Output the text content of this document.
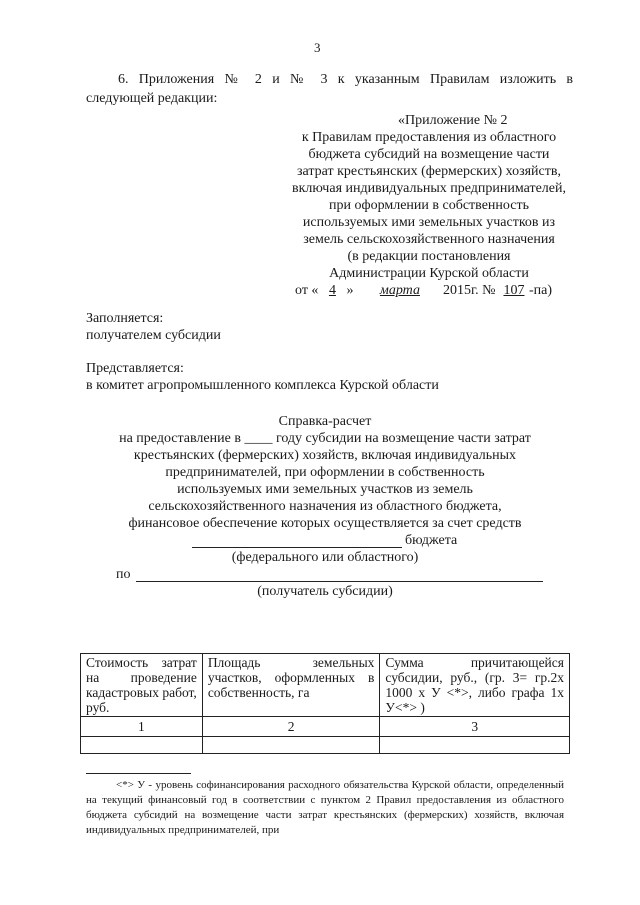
3
6. Приложения № 2 и № 3 к указанным Правилам изложить в
следующей редакции:
«Приложение № 2
к Правилам предоставления из областного
бюджета субсидий на возмещение части
затрат крестьянских (фермерских) хозяйств,
включая индивидуальных предпринимателей,
при оформлении в собственность
используемых ими земельных участков из
земель сельскохозяйственного назначения
(в редакции постановления
Администрации Курской области
от « 4 » марта 2015г. № 107 -па)
Заполняется:
получателем субсидии
Представляется:
в комитет агропромышленного комплекса Курской области
Справка-расчет
на предоставление в ____ году субсидии на возмещение части затрат
крестьянских (фермерских) хозяйств, включая индивидуальных
предпринимателей, при оформлении в собственность
используемых ими земельных участков из земель
сельскохозяйственного назначения из областного бюджета,
финансовое обеспечение которых осуществляется за счет средств
бюджета
(федерального или областного)
по
(получатель субсидии)
Стоимость затрат на проведение кадастровых работ, руб.	Площадь земельных участков, оформленных в собственность, га	Сумма причитающейся субсидии, руб., (гр. 3= гр.2х 1000 х У <*>, либо графа 1х У<*> )
1	2	3

<*> У - уровень софинансирования расходного обязательства Курской области, определенный на текущий финансовый год в соответствии с пунктом 2 Правил предоставления из областного бюджета субсидий на возмещение части затрат крестьянских (фермерских) хозяйств, включая индивидуальных предпринимателей, при
